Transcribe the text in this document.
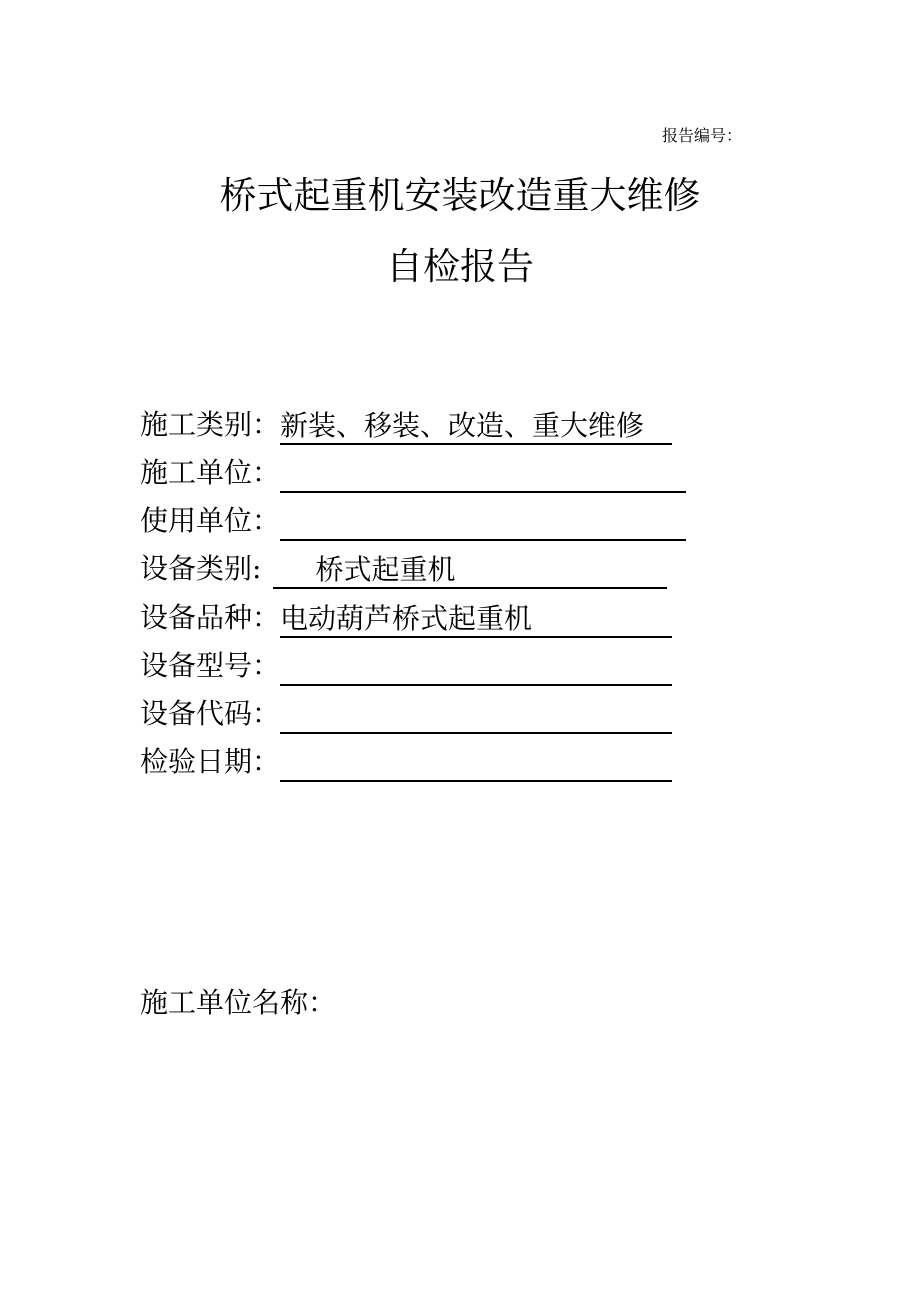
报告编号：
桥式起重机安装改造重大维修
自检报告
施工类别： 新装、移装、改造、重大维修
施工单位：
使用单位：
设备类别:	桥式起重机
设备品种： 电动葫芦桥式起重机
设备型号：
设备代码：
检验日期：
施工单位名称：
